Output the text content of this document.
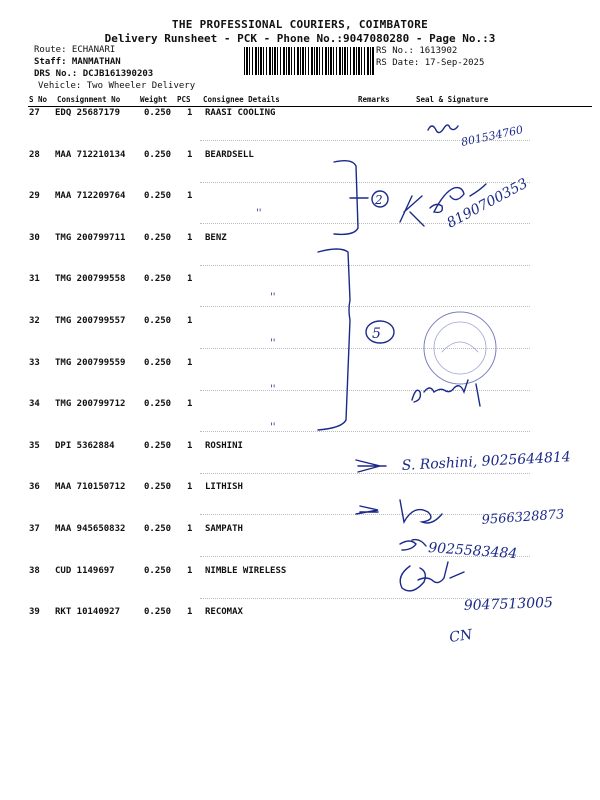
THE PROFESSIONAL COURIERS, COIMBATORE
Delivery Runsheet - PCK - Phone No.:9047080280 - Page No.:3
Route: ECHANARI
Staff: MANMATHAN
DRS No.: DCJB161390203
Vehicle: Two Wheeler Delivery
RS No.: 1613902
RS Date: 17-Sep-2025
S No Consignment No	Weight PCS Consignee Details	Remarks	Seal & Signature
27 EDQ 25687179	0.250 1 RAASI COOLING
28 MAA 712210134 0.250 1 BEARDSELL
29 MAA 712209764 0.250 1
30 TMG 200799711 0.250 1 BENZ
31 TMG 200799558 0.250 1
32 TMG 200799557 0.250 1
33 TMG 200799559 0.250 1
34 TMG 200799712 0.250 1
35 DPI 5362884	0.250 1 ROSHINI
36 MAA 710150712 0.250 1 LITHISH
37 MAA 945650832 0.250 1 SAMPATH
38 CUD 1149697	0.250 1 NIMBLE WIRELESS
39 RKT 10140927	0.250 1 RECOMAX
801534760
2	8190700353
''
5
''
''
''
''
S. Roshini, 9025644814
9566328873
9025583484
9047513005
CN
